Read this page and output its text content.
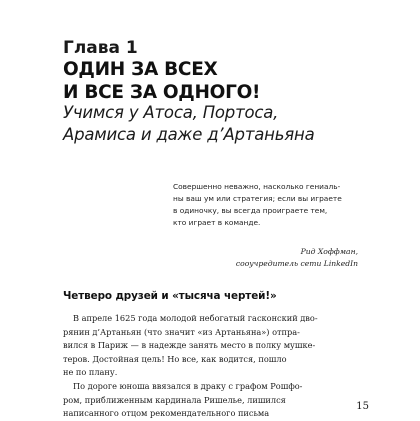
Глава 1
ОДИН ЗА ВСЕХ
И ВСЕ ЗА ОДНОГО!

Учимся у Атоса, Портоса,
Арамиса и даже д’Артаньяна

Совершенно неважно, насколько гениаль-
ны ваш ум или стратегия; если вы играете
в одиночку, вы всегда проиграете тем,
кто играет в команде.

Рид Хоффман,
сооучредитель сети LinkedIn

Четверо друзей и «тысяча чертей!»
В апреле 1625 года молодой небогатый гасконский дво-
рянин д’Артаньян (что значит «из Артаньяна») отпра-
вился в Париж — в надежде занять место в полку мушке-
теров. Достойная цель! Но все, как водится, пошло
не по плану.
По дороге юноша ввязался в драку с графом Рошфо-
ром, приближенным кардинала Ришелье, лишился
написанного отцом рекомендательного письма
15
